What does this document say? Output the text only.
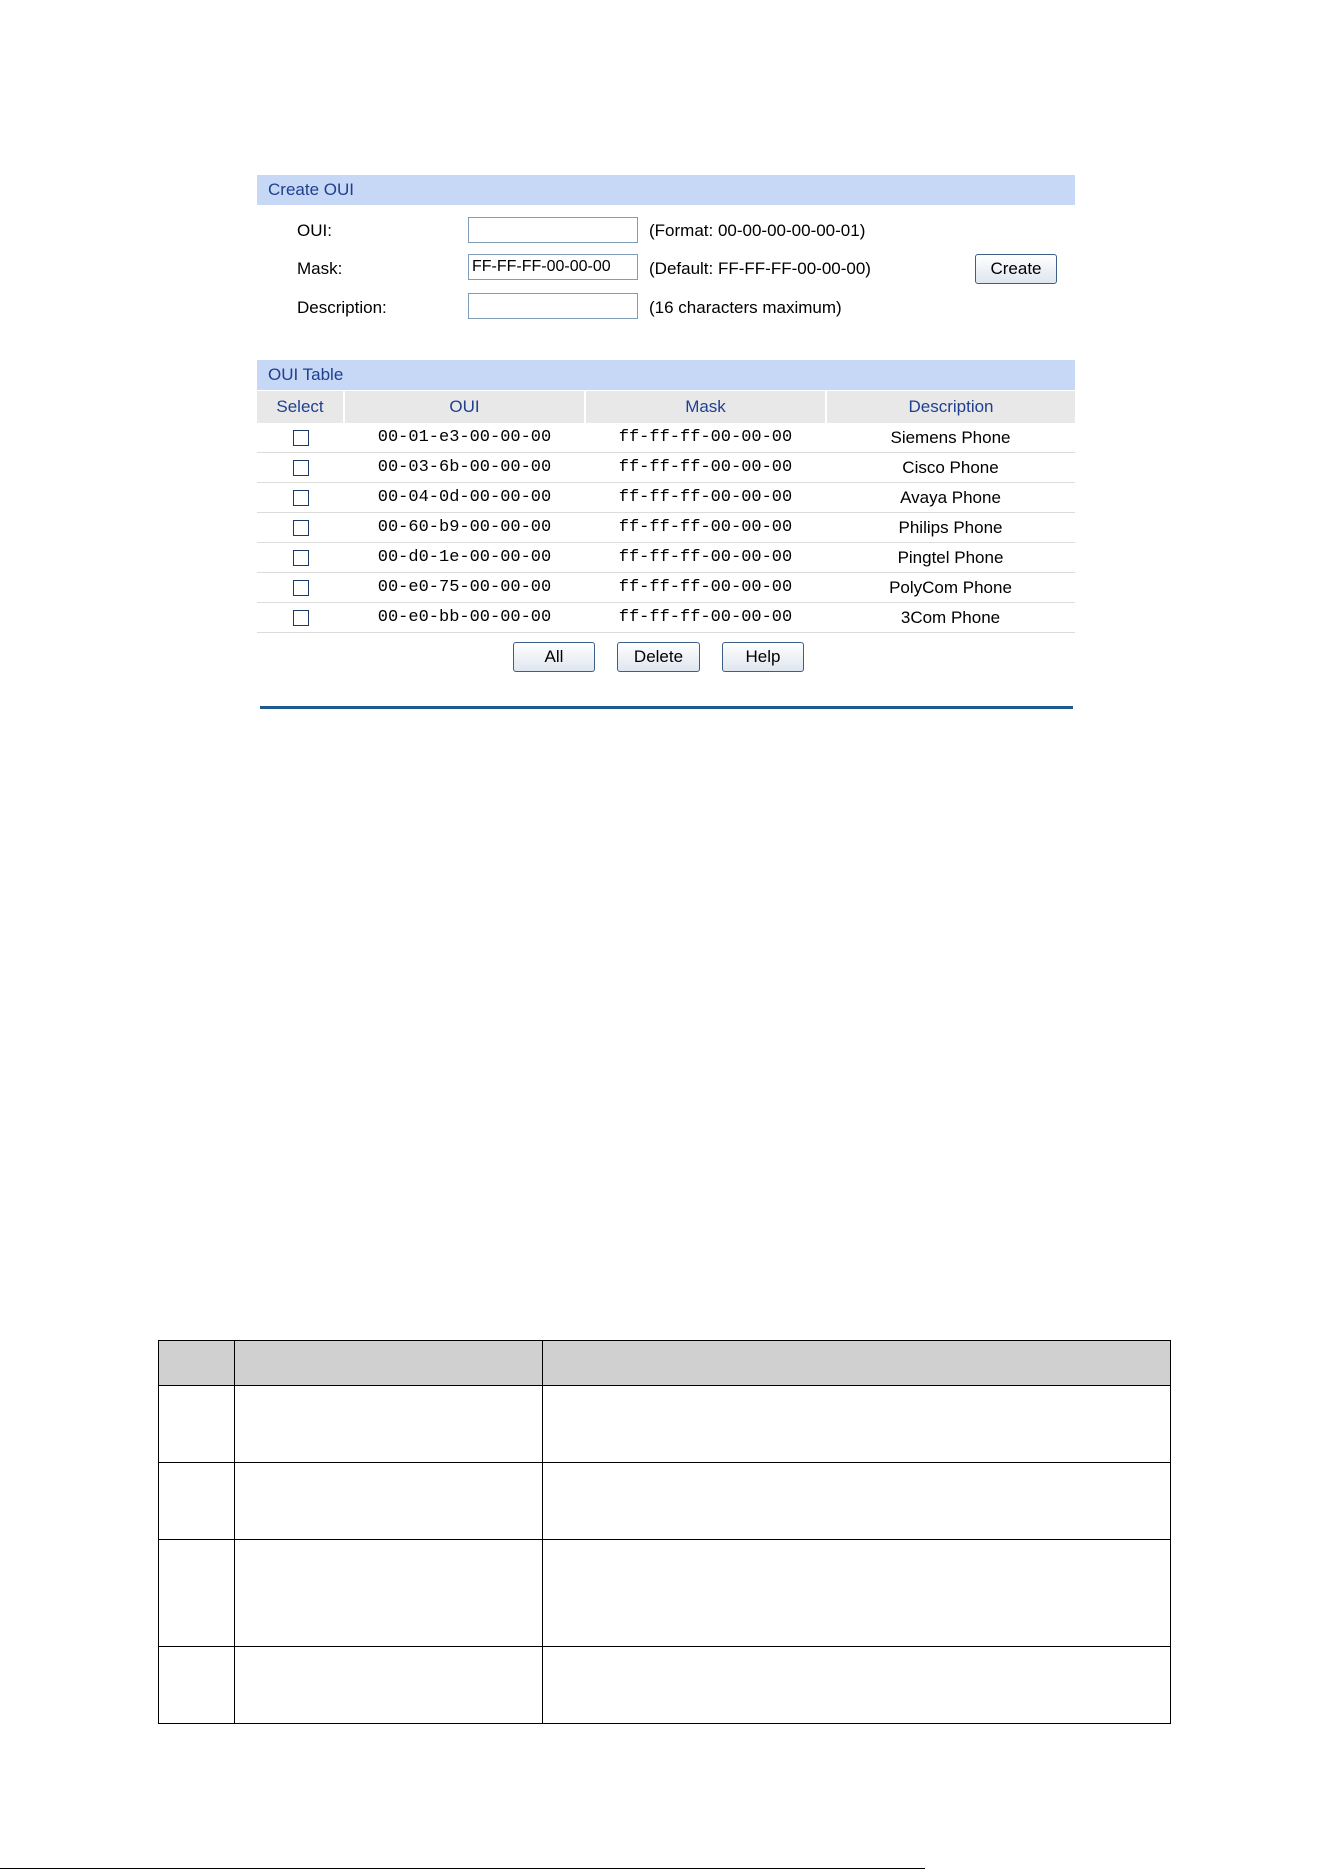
Create OUI
OUI:	(Format: 00-00-00-00-00-01)
Mask:
FF-FF-FF-00-00-00	(Default: FF-FF-FF-00-00-00)	Create
Description:	(16 characters maximum)
OUI Table
Select	OUI	Mask	Description
	00-01-e3-00-00-00	ff-ff-ff-00-00-00	Siemens Phone
	00-03-6b-00-00-00	ff-ff-ff-00-00-00	Cisco Phone
	00-04-0d-00-00-00	ff-ff-ff-00-00-00	Avaya Phone
	00-60-b9-00-00-00	ff-ff-ff-00-00-00	Philips Phone
	00-d0-1e-00-00-00	ff-ff-ff-00-00-00	Pingtel Phone
	00-e0-75-00-00-00	ff-ff-ff-00-00-00	PolyCom Phone
	00-e0-bb-00-00-00	ff-ff-ff-00-00-00	3Com Phone
All	Delete	Help
